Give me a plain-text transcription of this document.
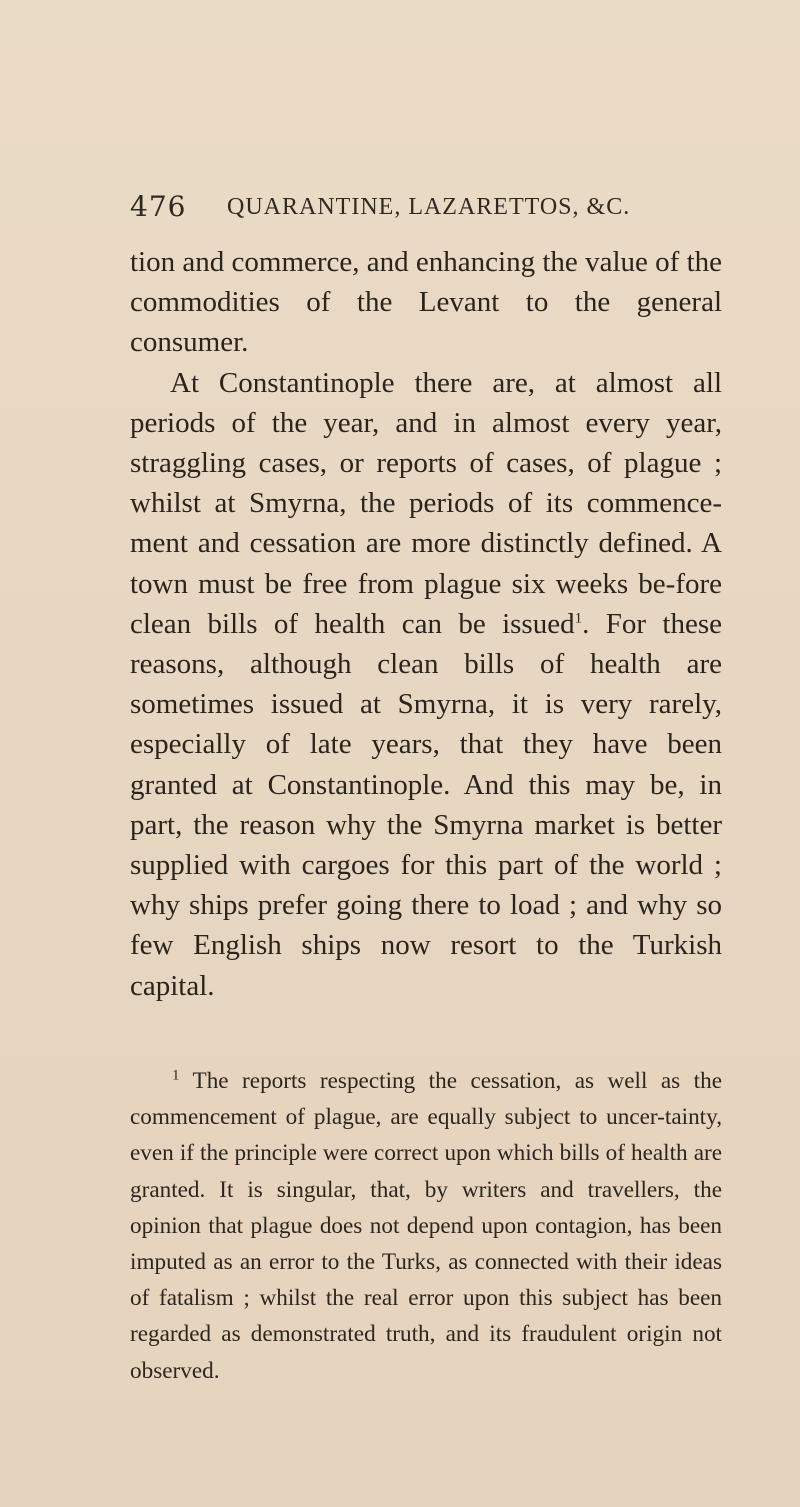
476 QUARANTINE, LAZARETTOS, &C.

tion and commerce, and enhancing the value of the commodities of the Levant to the general consumer.

At Constantinople there are, at almost all periods of the year, and in almost every year, straggling cases, or reports of cases, of plague ; whilst at Smyrna, the periods of its commence-ment and cessation are more distinctly defined. A town must be free from plague six weeks be-fore clean bills of health can be issued$^1$. For these reasons, although clean bills of health are sometimes issued at Smyrna, it is very rarely, especially of late years, that they have been granted at Constantinople. And this may be, in part, the reason why the Smyrna market is better supplied with cargoes for this part of the world ; why ships prefer going there to load ; and why so few English ships now resort to the Turkish capital.

$^1$ The reports respecting the cessation, as well as the commencement of plague, are equally subject to uncer-tainty, even if the principle were correct upon which bills of health are granted. It is singular, that, by writers and travellers, the opinion that plague does not depend upon contagion, has been imputed as an error to the Turks, as connected with their ideas of fatalism ; whilst the real error upon this subject has been regarded as demonstrated truth, and its fraudulent origin not observed.
